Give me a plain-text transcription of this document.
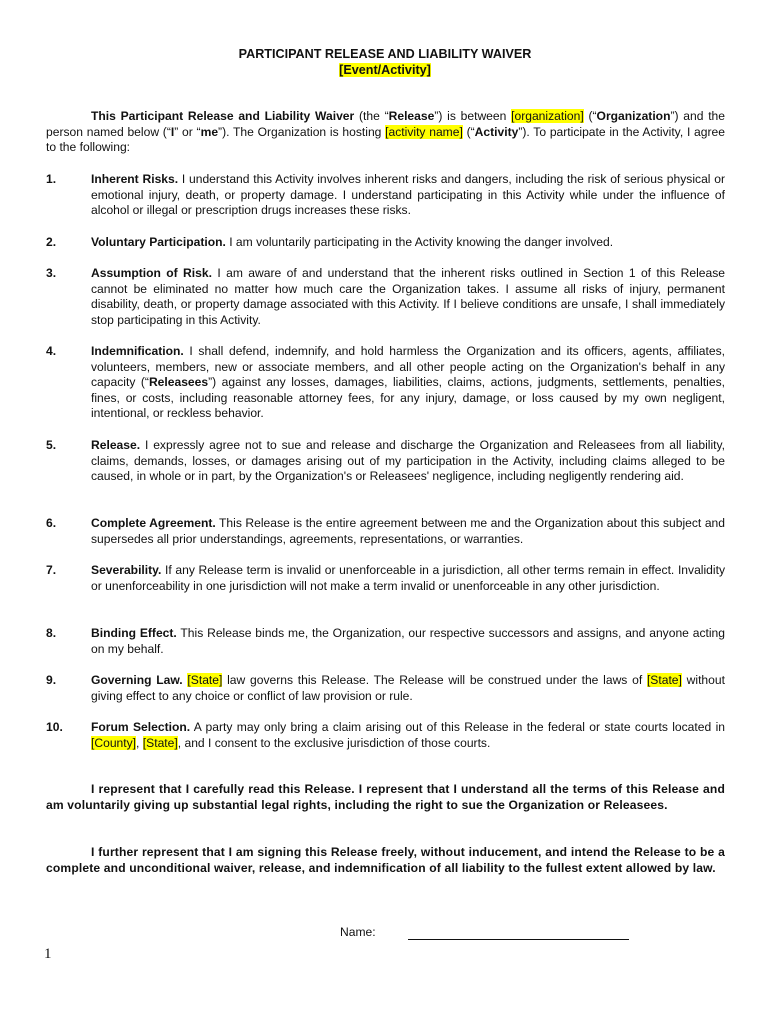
PARTICIPANT RELEASE AND LIABILITY WAIVER
[Event/Activity]
This Participant Release and Liability Waiver (the “Release”) is between [organization] (“Organization”) and the person named below (“I” or “me”). The Organization is hosting [activity name] (“Activity”). To participate in the Activity, I agree to the following:
1.	Inherent Risks. I understand this Activity involves inherent risks and dangers, including the risk of serious physical or emotional injury, death, or property damage. I understand participating in this Activity while under the influence of alcohol or illegal or prescription drugs increases these risks.
2.	Voluntary Participation. I am voluntarily participating in the Activity knowing the danger involved.
3.	Assumption of Risk. I am aware of and understand that the inherent risks outlined in Section 1 of this Release cannot be eliminated no matter how much care the Organization takes. I assume all risks of injury, permanent disability, death, or property damage associated with this Activity. If I believe conditions are unsafe, I shall immediately stop participating in this Activity.
4.	Indemnification. I shall defend, indemnify, and hold harmless the Organization and its officers, agents, affiliates, volunteers, members, new or associate members, and all other people acting on the Organization's behalf in any capacity (“Releasees”) against any losses, damages, liabilities, claims, actions, judgments, settlements, penalties, fines, or costs, including reasonable attorney fees, for any injury, damage, or loss caused by my own negligent, intentional, or reckless behavior.
5.	Release. I expressly agree not to sue and release and discharge the Organization and Releasees from all liability, claims, demands, losses, or damages arising out of my participation in the Activity, including claims alleged to be caused, in whole or in part, by the Organization's or Releasees' negligence, including negligently rendering aid.
6.	Complete Agreement. This Release is the entire agreement between me and the Organization about this subject and supersedes all prior understandings, agreements, representations, or warranties.
7.	Severability. If any Release term is invalid or unenforceable in a jurisdiction, all other terms remain in effect. Invalidity or unenforceability in one jurisdiction will not make a term invalid or unenforceable in any other jurisdiction.
8.	Binding Effect. This Release binds me, the Organization, our respective successors and assigns, and anyone acting on my behalf.
9.	Governing Law. [State] law governs this Release. The Release will be construed under the laws of [State] without giving effect to any choice or conflict of law provision or rule.
10. Forum Selection. A party may only bring a claim arising out of this Release in the federal or state courts located in [County], [State], and I consent to the exclusive jurisdiction of those courts.
I represent that I carefully read this Release. I represent that I understand all the terms of this Release and am voluntarily giving up substantial legal rights, including the right to sue the Organization or Releasees.
I further represent that I am signing this Release freely, without inducement, and intend the Release to be a complete and unconditional waiver, release, and indemnification of all liability to the fullest extent allowed by law.
Name:
1
